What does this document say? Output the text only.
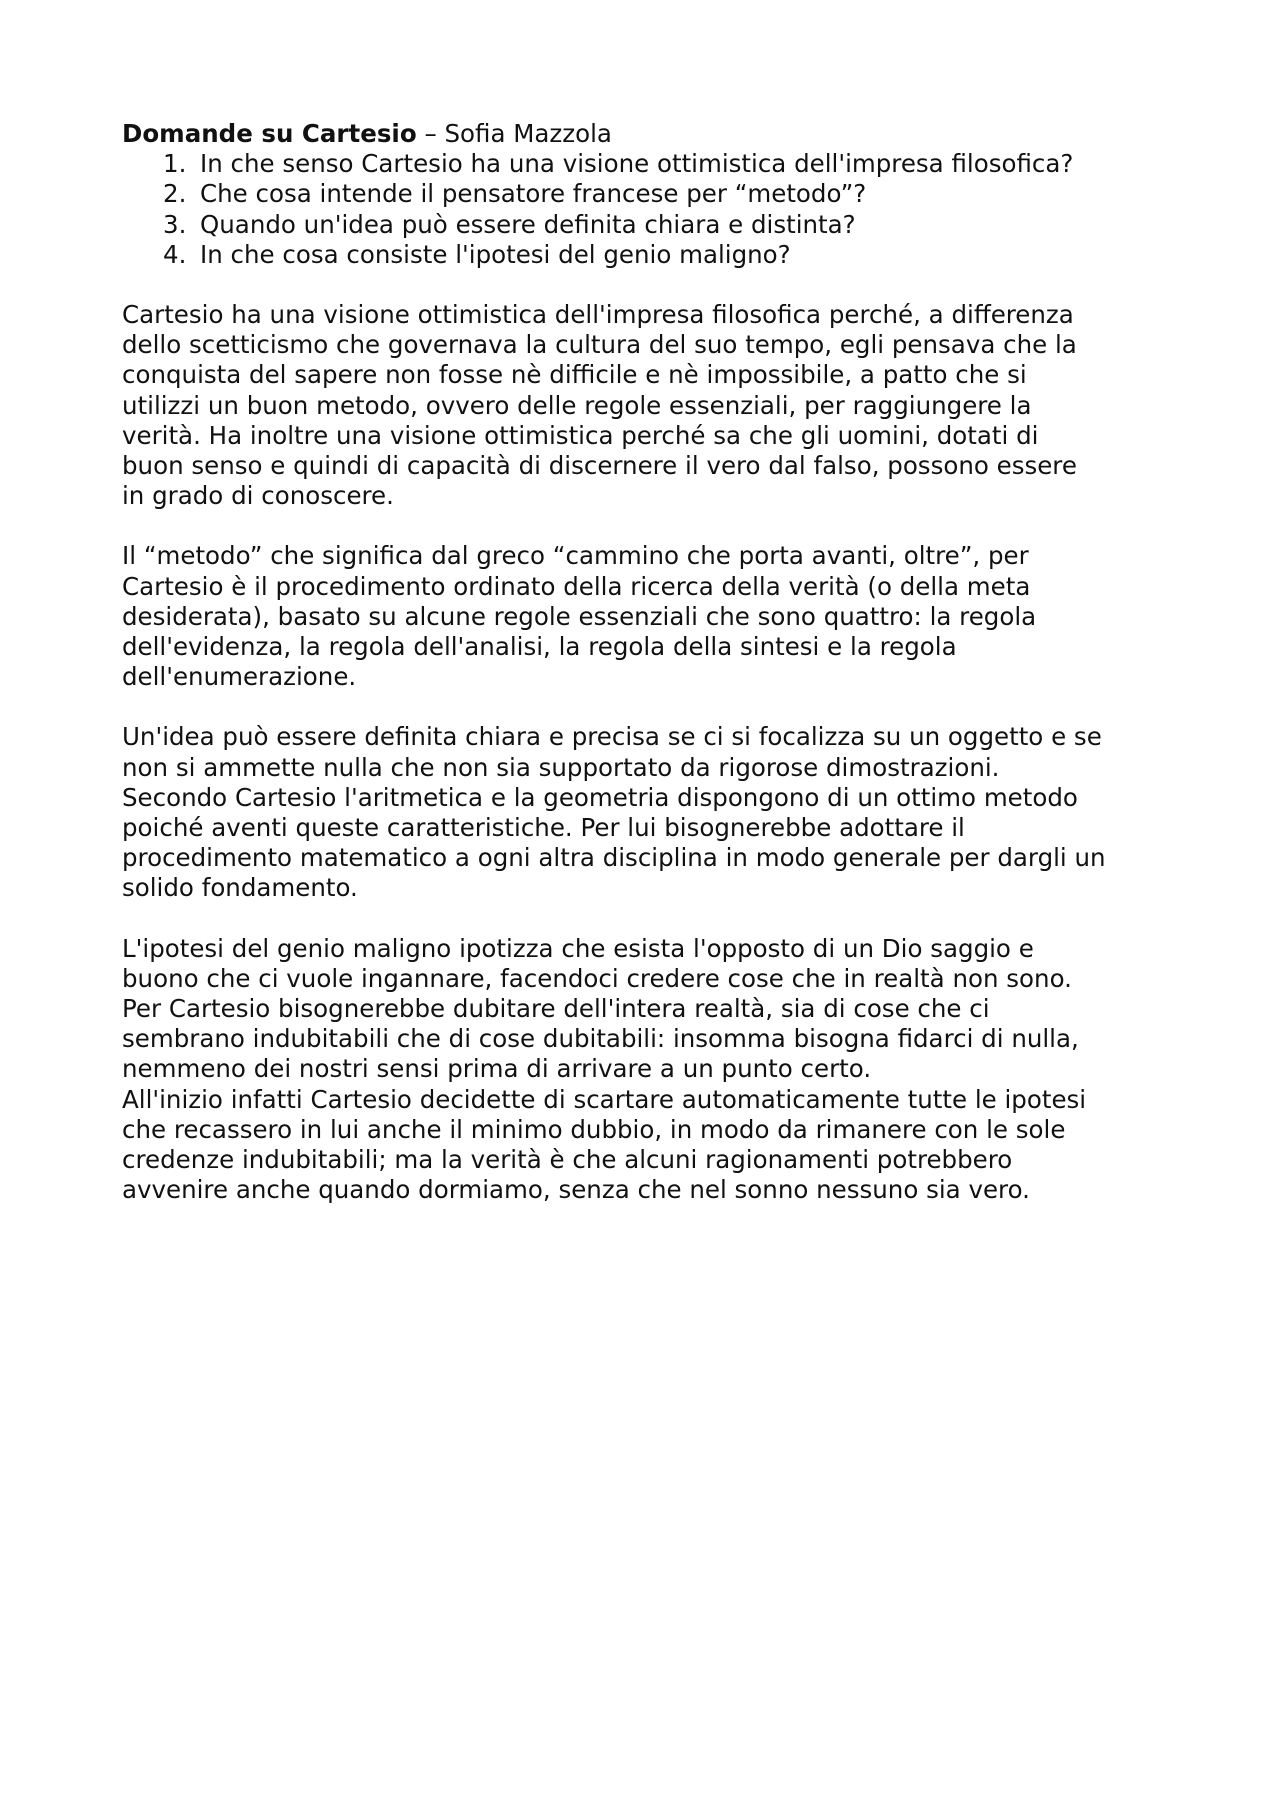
Domande su Cartesio – Sofia Mazzola

1. In che senso Cartesio ha una visione ottimistica dell'impresa filosofica?
2. Che cosa intende il pensatore francese per “metodo”?
3. Quando un'idea può essere definita chiara e distinta?
4. In che cosa consiste l'ipotesi del genio maligno?

Cartesio ha una visione ottimistica dell'impresa filosofica perché, a differenza
dello scetticismo che governava la cultura del suo tempo, egli pensava che la
conquista del sapere non fosse nè difficile e nè impossibile, a patto che si
utilizzi un buon metodo, ovvero delle regole essenziali, per raggiungere la
verità. Ha inoltre una visione ottimistica perché sa che gli uomini, dotati di
buon senso e quindi di capacità di discernere il vero dal falso, possono essere
in grado di conoscere.

Il “metodo” che significa dal greco “cammino che porta avanti, oltre”, per
Cartesio è il procedimento ordinato della ricerca della verità (o della meta
desiderata), basato su alcune regole essenziali che sono quattro: la regola
dell'evidenza, la regola dell'analisi, la regola della sintesi e la regola
dell'enumerazione.

Un'idea può essere definita chiara e precisa se ci si focalizza su un oggetto e se
non si ammette nulla che non sia supportato da rigorose dimostrazioni.
Secondo Cartesio l'aritmetica e la geometria dispongono di un ottimo metodo
poiché aventi queste caratteristiche. Per lui bisognerebbe adottare il
procedimento matematico a ogni altra disciplina in modo generale per dargli un
solido fondamento.

L'ipotesi del genio maligno ipotizza che esista l'opposto di un Dio saggio e
buono che ci vuole ingannare, facendoci credere cose che in realtà non sono.
Per Cartesio bisognerebbe dubitare dell'intera realtà, sia di cose che ci
sembrano indubitabili che di cose dubitabili: insomma bisogna fidarci di nulla,
nemmeno dei nostri sensi prima di arrivare a un punto certo.
All'inizio infatti Cartesio decidette di scartare automaticamente tutte le ipotesi
che recassero in lui anche il minimo dubbio, in modo da rimanere con le sole
credenze indubitabili; ma la verità è che alcuni ragionamenti potrebbero
avvenire anche quando dormiamo, senza che nel sonno nessuno sia vero.
